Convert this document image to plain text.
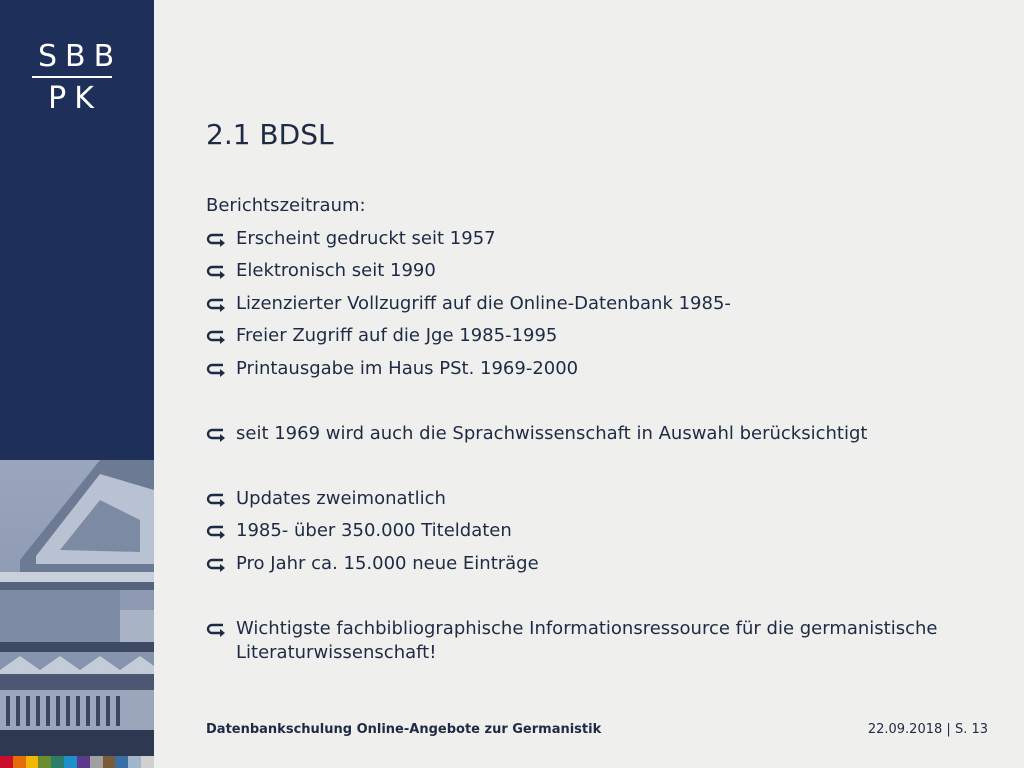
SBB
PK
2.1 BDSL

Berichtszeitraum:

Erscheint gedruckt seit 1957
Elektronisch seit 1990
Lizenzierter Vollzugriff auf die Online-Datenbank 1985-
Freier Zugriff auf die Jge 1985-1995
Printausgabe im Haus PSt. 1969-2000
seit 1969 wird auch die Sprachwissenschaft in Auswahl berücksichtigt
Updates zweimonatlich
1985- über 350.000 Titeldaten
Pro Jahr ca. 15.000 neue Einträge
Wichtigste fachbibliographische Informationsressource für die germanistische Literaturwissenschaft!
Datenbankschulung Online-Angebote zur Germanistik	22.09.2018 | S. 13
